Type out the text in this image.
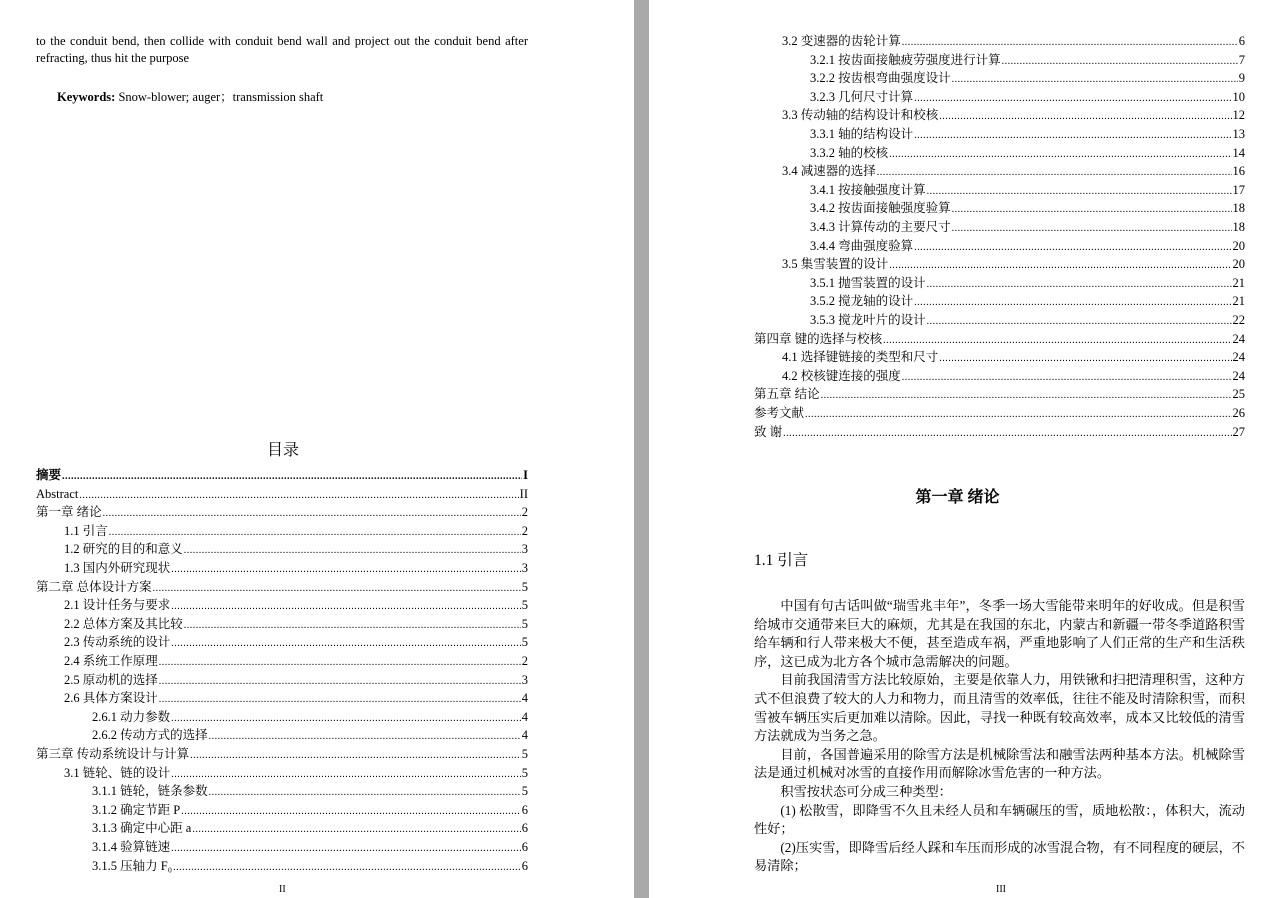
to the conduit bend, then collide with conduit bend wall and project out the conduit bend after refracting, thus hit the purpose
Keywords: Snow-blower; auger；transmission shaft
目录
摘要 .....	I
Abstract .....	II
第一章 绪论 .....	2
1.1 引言 .....	2
1.2 研究的目的和意义 .....	3
1.3 国内外研究现状 .....	3
第二章 总体设计方案 .....	5
2.1 设计任务与要求 .....	5
2.2 总体方案及其比较 .....	5
2.3 传动系统的设计 .....	5
2.4 系统工作原理 .....	2
2.5 原动机的选择 .....	3
2.6 具体方案设计 .....	4
2.6.1 动力参数 .....	4
2.6.2 传动方式的选择 .....	4
第三章 传动系统设计与计算 .....	5
3.1 链轮、链的设计 .....	5
3.1.1 链轮，链条参数 .....	5
3.1.2 确定节距 P .....	6
3.1.3 确定中心距 a .....	6
3.1.4 验算链速 .....	6
3.1.5 压轴力 F₀ .....	6
II
3.2 变速器的齿轮计算 .....	6
3.2.1 按齿面接触疲劳强度进行计算 .....	7
3.2.2 按齿根弯曲强度设计 .....	9
3.2.3 几何尺寸计算 .....	10
3.3 传动轴的结构设计和校核 .....	12
3.3.1 轴的结构设计 .....	13
3.3.2 轴的校核 .....	14
3.4 减速器的选择 .....	16
3.4.1 按接触强度计算 .....	17
3.4.2 按齿面接触强度验算 .....	18
3.4.3 计算传动的主要尺寸 .....	18
3.4.4 弯曲强度验算 .....	20
3.5 集雪装置的设计 .....	20
3.5.1 抛雪装置的设计 .....	21
3.5.2 搅龙轴的设计 .....	21
3.5.3 搅龙叶片的设计 .....	22
第四章 键的选择与校核 .....	24
4.1 选择键链接的类型和尺寸 .....	24
4.2 校核键连接的强度 .....	24
第五章 结论 .....	25
参考文献 .....	26
致 谢 .....	27
第一章 绪论
1.1 引言

中国有句古话叫做“瑞雪兆丰年”，冬季一场大雪能带来明年的好收成。但是积雪给城市交通带来巨大的麻烦，尤其是在我国的东北，内蒙古和新疆一带冬季道路积雪给车辆和行人带来极大不便，甚至造成车祸，严重地影响了人们正常的生产和生活秩序，这已成为北方各个城市急需解决的问题。

目前我国清雪方法比较原始，主要是依靠人力，用铁锹和扫把清理积雪，这种方式不但浪费了较大的人力和物力，而且清雪的效率低，往往不能及时清除积雪，而积雪被车辆压实后更加难以清除。因此，寻找一种既有较高效率，成本又比较低的清雪方法就成为当务之急。

目前，各国普遍采用的除雪方法是机械除雪法和融雪法两种基本方法。机械除雪法是通过机械对冰雪的直接作用而解除冰雪危害的一种方法。

积雪按状态可分成三种类型：

(1) 松散雪，即降雪不久且未经人员和车辆碾压的雪，质地松散：，体积大，流动性好；

(2)压实雪，即降雪后经人踩和车压而形成的冰雪混合物，有不同程度的硬层，不易清除；

III
